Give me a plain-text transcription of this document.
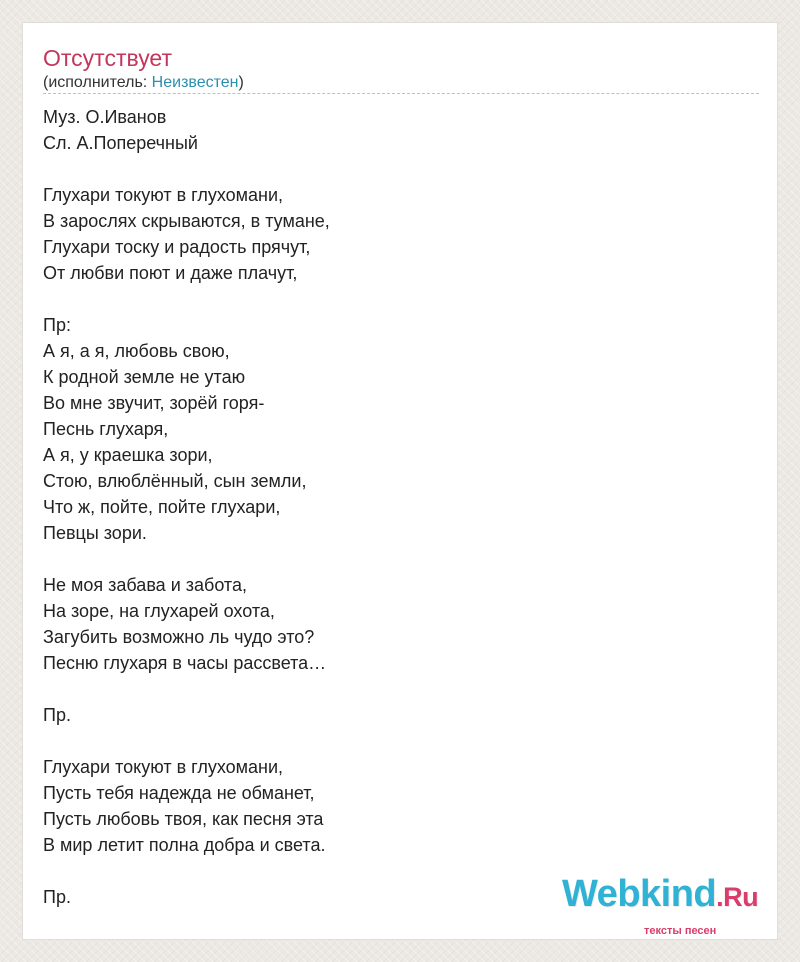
Отсутствует
(исполнитель: Неизвестен)
Муз. О.Иванов
Сл. А.Поперечный
Глухари токуют в глухомани,
В зарослях скрываются, в тумане,
Глухари тоску и радость прячут,
От любви поют и даже плачут,
Пр:
А я, а я, любовь свою,
К родной земле не утаю
Во мне звучит, зорёй горя-
Песнь глухаря,
А я, у краешка зори,
Стою, влюблённый, сын земли,
Что ж, пойте, пойте глухари,
Певцы зори.
Не моя забава и забота,
На зоре, на глухарей охота,
Загубить возможно ль чудо это?
Песню глухаря в часы рассвета…
Пр.
Глухари токуют в глухомани,
Пусть тебя надежда не обманет,
Пусть любовь твоя, как песня эта
В мир летит полна добра и света.
Пр.	Webkind.Ru
тексты песен
